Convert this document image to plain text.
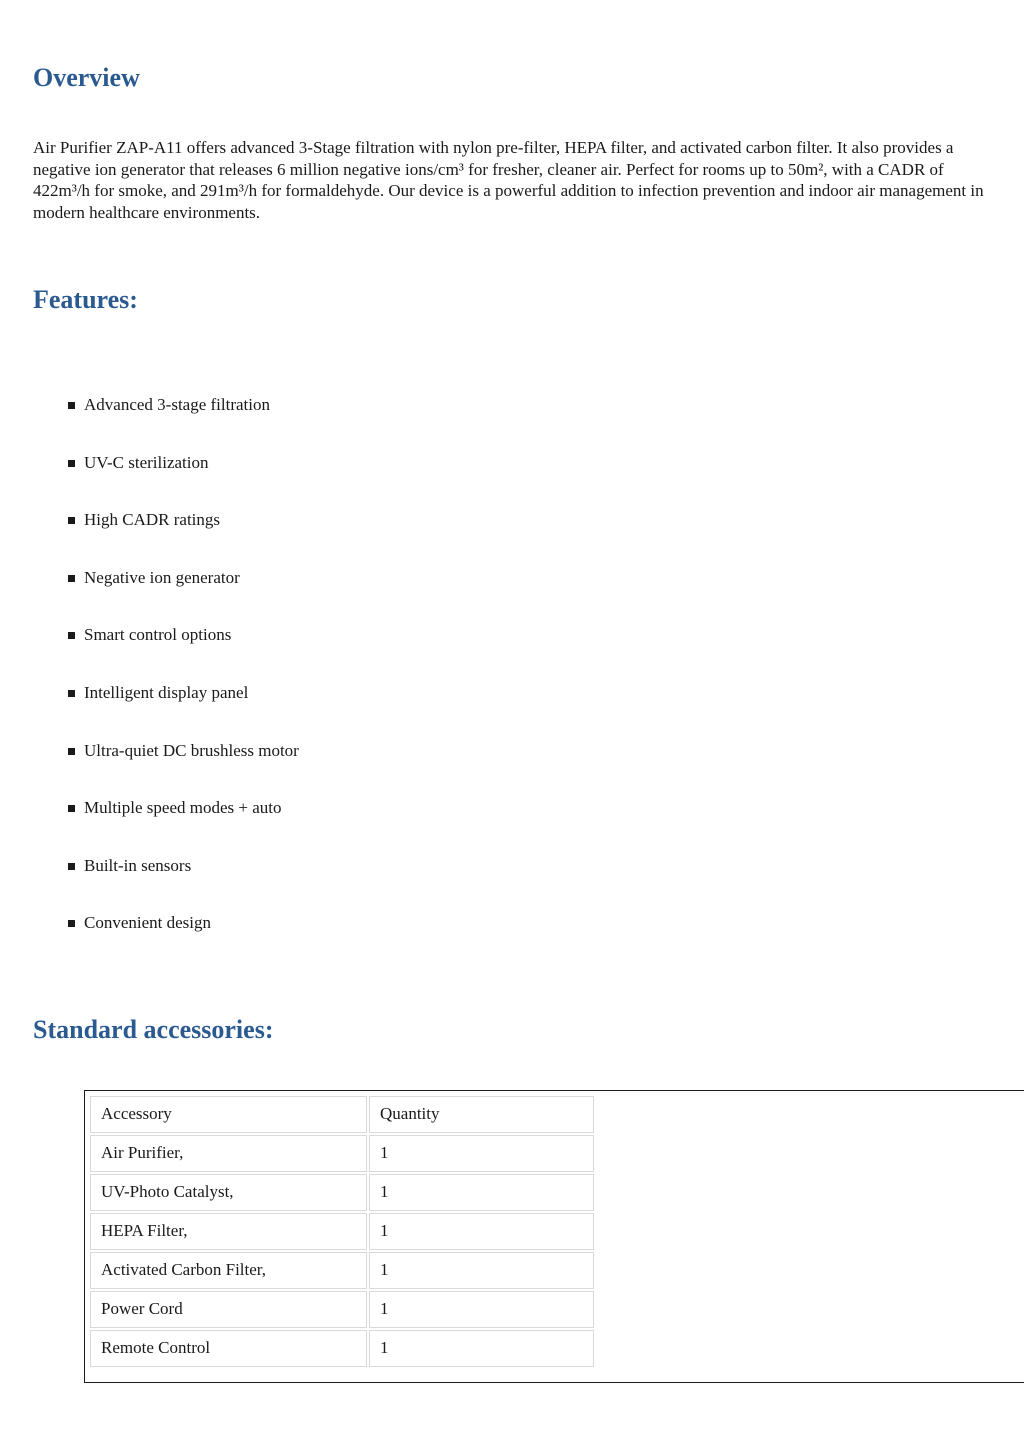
Overview

Air Purifier ZAP-A11 offers advanced 3-Stage filtration with nylon pre-filter, HEPA filter, and activated carbon filter. It also provides a negative ion generator that releases 6 million negative ions/cm³ for fresher, cleaner air. Perfect for rooms up to 50m², with a CADR of 422m³/h for smoke, and 291m³/h for formaldehyde. Our device is a powerful addition to infection prevention and indoor air management in modern healthcare environments.

Features:
Advanced 3-stage filtration
UV-C sterilization
High CADR ratings
Negative ion generator
Smart control options
Intelligent display panel
Ultra-quiet DC brushless motor
Multiple speed modes + auto
Built-in sensors
Convenient design
Standard accessories:
Accessory	Quantity
Air Purifier,	1
UV-Photo Catalyst,	1
HEPA Filter,	1
Activated Carbon Filter,	1
Power Cord	1
Remote Control	1
